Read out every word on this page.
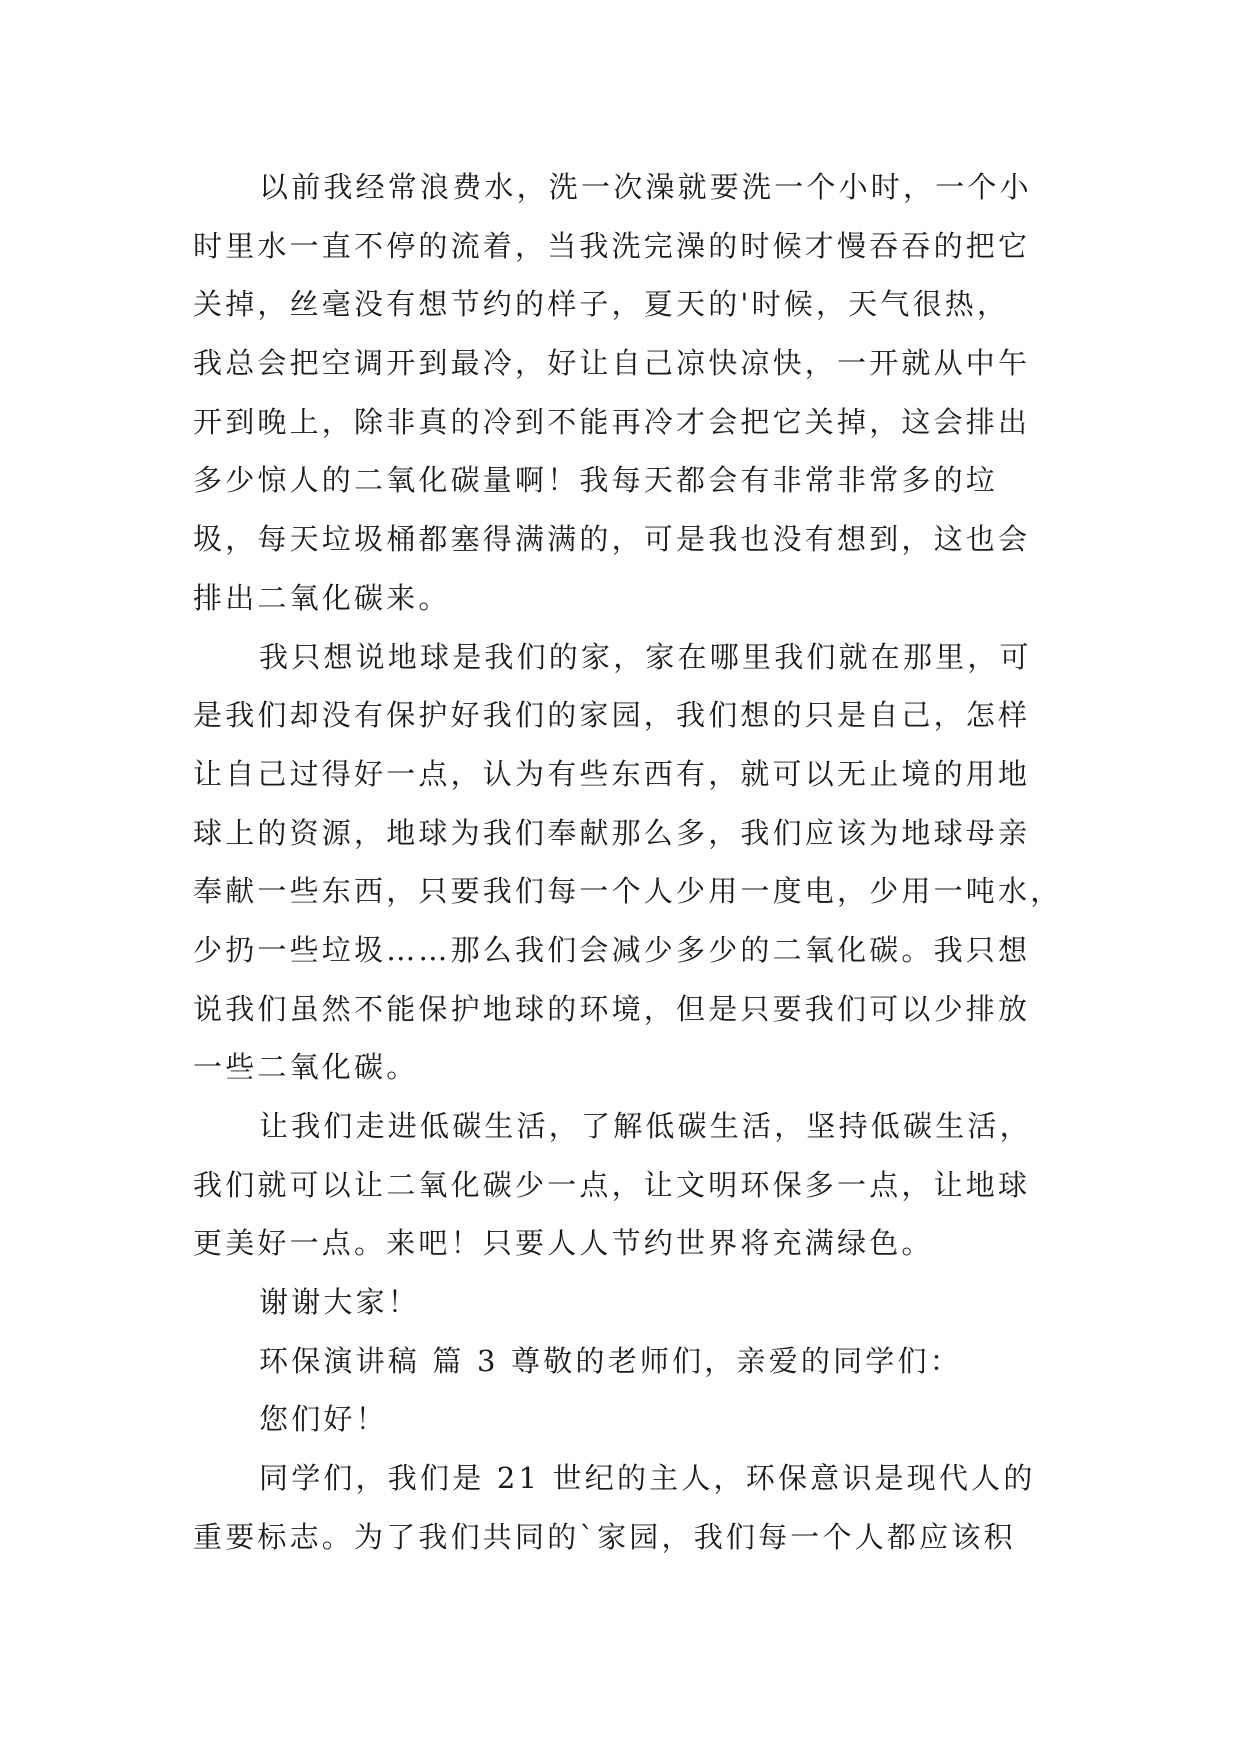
以前我经常浪费水，洗一次澡就要洗一个小时，一个小
时里水一直不停的流着，当我洗完澡的时候才慢吞吞的把它
关掉，丝毫没有想节约的样子，夏天的'时候，天气很热，
我总会把空调开到最冷，好让自己凉快凉快，一开就从中午
开到晚上，除非真的冷到不能再冷才会把它关掉，这会排出
多少惊人的二氧化碳量啊！我每天都会有非常非常多的垃
圾，每天垃圾桶都塞得满满的，可是我也没有想到，这也会
排出二氧化碳来。
我只想说地球是我们的家，家在哪里我们就在那里，可
是我们却没有保护好我们的家园，我们想的只是自己，怎样
让自己过得好一点，认为有些东西有，就可以无止境的用地
球上的资源，地球为我们奉献那么多，我们应该为地球母亲
奉献一些东西，只要我们每一个人少用一度电，少用一吨水，
少扔一些垃圾……那么我们会减少多少的二氧化碳。我只想
说我们虽然不能保护地球的环境，但是只要我们可以少排放
一些二氧化碳。
让我们走进低碳生活，了解低碳生活，坚持低碳生活，
我们就可以让二氧化碳少一点，让文明环保多一点，让地球
更美好一点。来吧！只要人人节约世界将充满绿色。
谢谢大家！
环保演讲稿 篇 3 尊敬的老师们，亲爱的同学们：
您们好！
同学们，我们是 21 世纪的主人，环保意识是现代人的
重要标志。为了我们共同的`家园，我们每一个人都应该积
